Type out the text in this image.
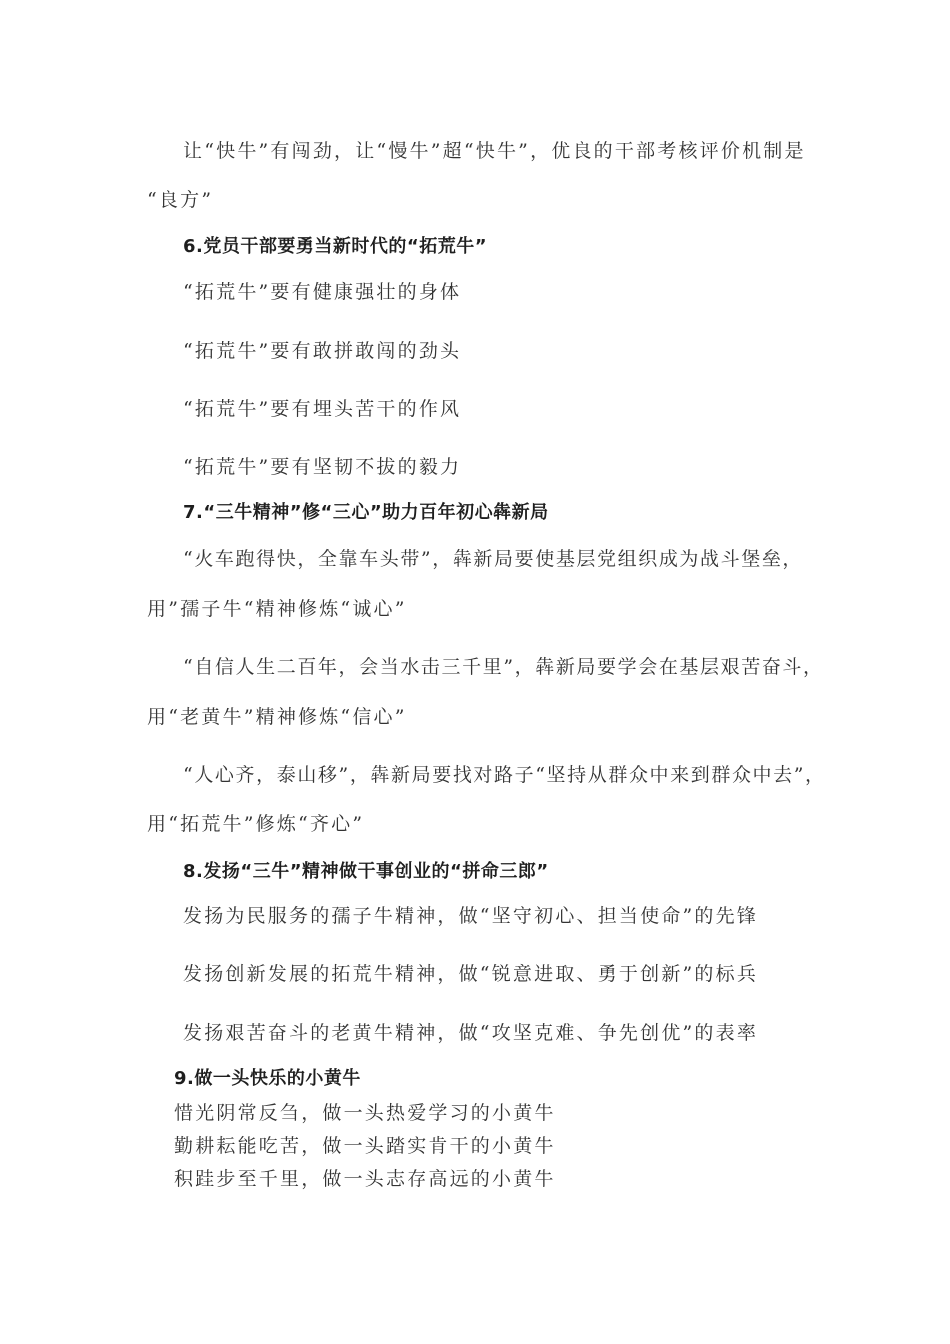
让“快牛”有闯劲，让“慢牛”超“快牛”，优良的干部考核评价机制是
“良方”
6.党员干部要勇当新时代的“拓荒牛”
“拓荒牛”要有健康强壮的身体
“拓荒牛”要有敢拼敢闯的劲头
“拓荒牛”要有埋头苦干的作风
“拓荒牛”要有坚韧不拔的毅力
7.“三牛精神”修“三心”助力百年初心犇新局
“火车跑得快，全靠车头带”，犇新局要使基层党组织成为战斗堡垒，
用”孺子牛“精神修炼“诚心”
“自信人生二百年，会当水击三千里”，犇新局要学会在基层艰苦奋斗，
用“老黄牛”精神修炼“信心”
“人心齐，泰山移”，犇新局要找对路子“坚持从群众中来到群众中去”，
用“拓荒牛”修炼“齐心”
8.发扬“三牛”精神做干事创业的“拼命三郎”
发扬为民服务的孺子牛精神，做“坚守初心、担当使命”的先锋
发扬创新发展的拓荒牛精神，做“锐意进取、勇于创新”的标兵
发扬艰苦奋斗的老黄牛精神，做“攻坚克难、争先创优”的表率
9.做一头快乐的小黄牛
惜光阴常反刍，做一头热爱学习的小黄牛
勤耕耘能吃苦，做一头踏实肯干的小黄牛
积跬步至千里，做一头志存高远的小黄牛
